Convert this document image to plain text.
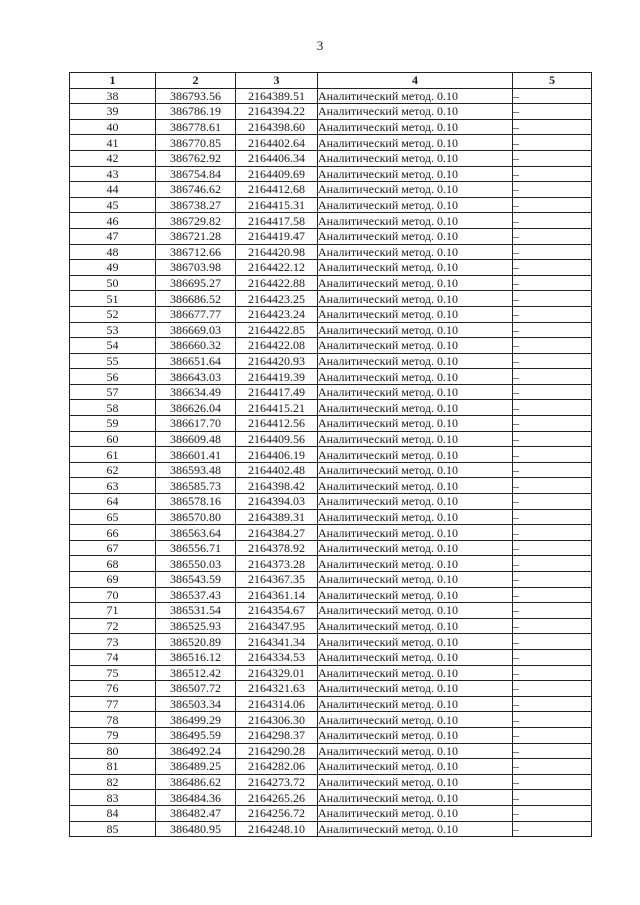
3
1	2	3	4	5
38	386793.56	2164389.51	Аналитический метод. 0.10	–
39	386786.19	2164394.22	Аналитический метод. 0.10	–
40	386778.61	2164398.60	Аналитический метод. 0.10	–
41	386770.85	2164402.64	Аналитический метод. 0.10	–
42	386762.92	2164406.34	Аналитический метод. 0.10	–
43	386754.84	2164409.69	Аналитический метод. 0.10	–
44	386746.62	2164412.68	Аналитический метод. 0.10	–
45	386738.27	2164415.31	Аналитический метод. 0.10	–
46	386729.82	2164417.58	Аналитический метод. 0.10	–
47	386721.28	2164419.47	Аналитический метод. 0.10	–
48	386712.66	2164420.98	Аналитический метод. 0.10	–
49	386703.98	2164422.12	Аналитический метод. 0.10	–
50	386695.27	2164422.88	Аналитический метод. 0.10	–
51	386686.52	2164423.25	Аналитический метод. 0.10	–
52	386677.77	2164423.24	Аналитический метод. 0.10	–
53	386669.03	2164422.85	Аналитический метод. 0.10	–
54	386660.32	2164422.08	Аналитический метод. 0.10	–
55	386651.64	2164420.93	Аналитический метод. 0.10	–
56	386643.03	2164419.39	Аналитический метод. 0.10	–
57	386634.49	2164417.49	Аналитический метод. 0.10	–
58	386626.04	2164415.21	Аналитический метод. 0.10	–
59	386617.70	2164412.56	Аналитический метод. 0.10	–
60	386609.48	2164409.56	Аналитический метод. 0.10	–
61	386601.41	2164406.19	Аналитический метод. 0.10	–
62	386593.48	2164402.48	Аналитический метод. 0.10	–
63	386585.73	2164398.42	Аналитический метод. 0.10	–
64	386578.16	2164394.03	Аналитический метод. 0.10	–
65	386570.80	2164389.31	Аналитический метод. 0.10	–
66	386563.64	2164384.27	Аналитический метод. 0.10	–
67	386556.71	2164378.92	Аналитический метод. 0.10	–
68	386550.03	2164373.28	Аналитический метод. 0.10	–
69	386543.59	2164367.35	Аналитический метод. 0.10	–
70	386537.43	2164361.14	Аналитический метод. 0.10	–
71	386531.54	2164354.67	Аналитический метод. 0.10	–
72	386525.93	2164347.95	Аналитический метод. 0.10	–
73	386520.89	2164341.34	Аналитический метод. 0.10	–
74	386516.12	2164334.53	Аналитический метод. 0.10	–
75	386512.42	2164329.01	Аналитический метод. 0.10	–
76	386507.72	2164321.63	Аналитический метод. 0.10	–
77	386503.34	2164314.06	Аналитический метод. 0.10	–
78	386499.29	2164306.30	Аналитический метод. 0.10	–
79	386495.59	2164298.37	Аналитический метод. 0.10	–
80	386492.24	2164290.28	Аналитический метод. 0.10	–
81	386489.25	2164282.06	Аналитический метод. 0.10	–
82	386486.62	2164273.72	Аналитический метод. 0.10	–
83	386484.36	2164265.26	Аналитический метод. 0.10	–
84	386482.47	2164256.72	Аналитический метод. 0.10	–
85	386480.95	2164248.10	Аналитический метод. 0.10	–
